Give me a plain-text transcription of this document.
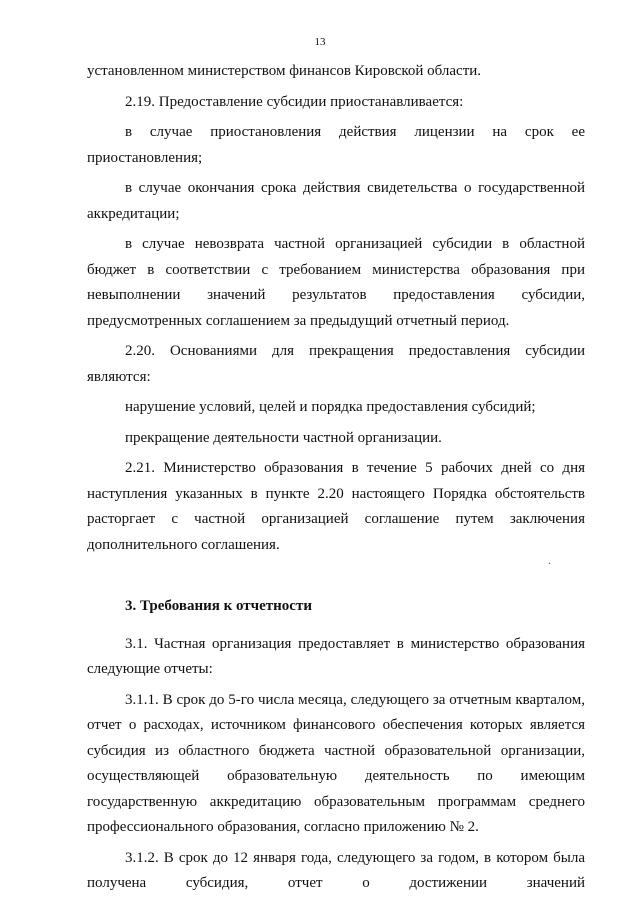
13

установленном министерством финансов Кировской области.

2.19. Предоставление субсидии приостанавливается:

в случае приостановления действия лицензии на срок ее приостановления;

в случае окончания срока действия свидетельства о государственной аккредитации;

в случае невозврата частной организацией субсидии в областной бюджет в соответствии с требованием министерства образования при невыполнении значений результатов предоставления субсидии, предусмотренных соглашением за предыдущий отчетный период.

2.20. Основаниями для прекращения предоставления субсидии являются:

нарушение условий, целей и порядка предоставления субсидий;

прекращение деятельности частной организации.

2.21. Министерство образования в течение 5 рабочих дней со дня наступления указанных в пункте 2.20 настоящего Порядка обстоятельств расторгает с частной организацией соглашение путем заключения дополнительного соглашения.

3. Требования к отчетности

3.1. Частная организация предоставляет в министерство образования следующие отчеты:

3.1.1. В срок до 5-го числа месяца, следующего за отчетным кварталом, отчет о расходах, источником финансового обеспечения которых является субсидия из областного бюджета частной образовательной организации, осуществляющей образовательную деятельность по имеющим государственную аккредитацию образовательным программам среднего профессионального образования, согласно приложению № 2.

3.1.2. В срок до 12 января года, следующего за годом, в котором была получена субсидия, отчет о достижении значений

.
